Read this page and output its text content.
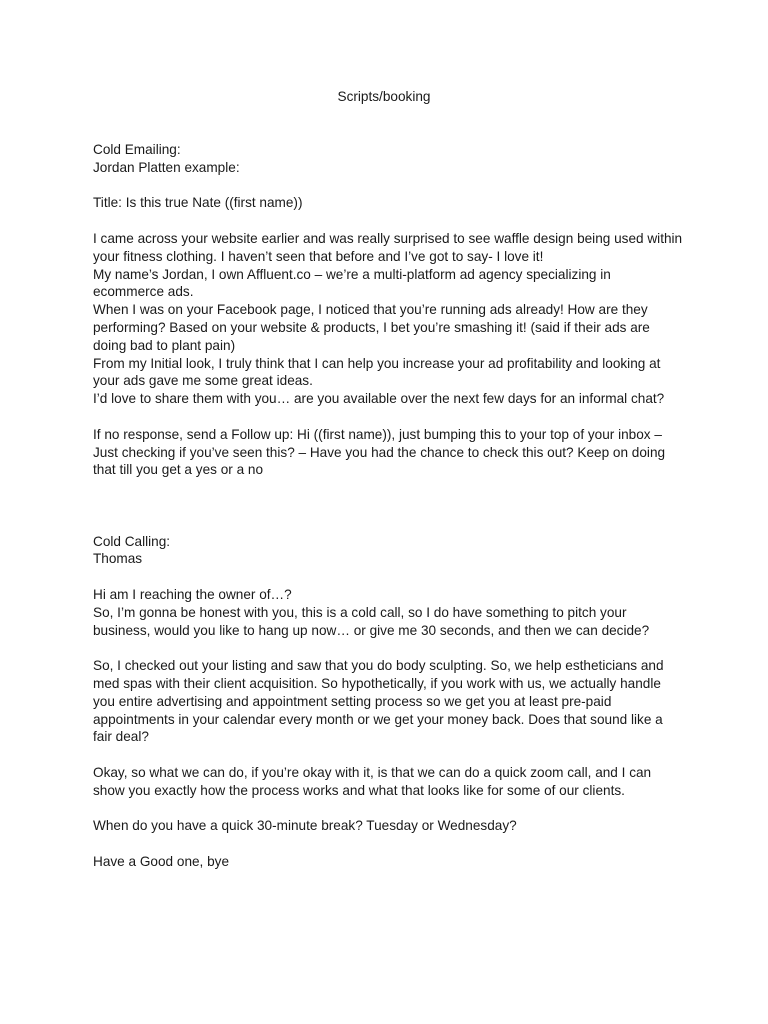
Scripts/booking

Cold Emailing:

Jordan Platten example:

Title: Is this true Nate ((first name))

I came across your website earlier and was really surprised to see waffle design being used within your fitness clothing. I haven’t seen that before and I’ve got to say- I love it!

My name’s Jordan, I own Affluent.co – we’re a multi-platform ad agency specializing in ecommerce ads.

When I was on your Facebook page, I noticed that you’re running ads already! How are they performing? Based on your website & products, I bet you’re smashing it! (said if their ads are doing bad to plant pain)

From my Initial look, I truly think that I can help you increase your ad profitability and looking at your ads gave me some great ideas.

I’d love to share them with you… are you available over the next few days for an informal chat?

If no response, send a Follow up: Hi ((first name)), just bumping this to your top of your inbox – Just checking if you’ve seen this? – Have you had the chance to check this out? Keep on doing that till you get a yes or a no

Cold Calling:

Thomas

Hi am I reaching the owner of…?

So, I’m gonna be honest with you, this is a cold call, so I do have something to pitch your business, would you like to hang up now… or give me 30 seconds, and then we can decide?

So, I checked out your listing and saw that you do body sculpting. So, we help estheticians and med spas with their client acquisition. So hypothetically, if you work with us, we actually handle you entire advertising and appointment setting process so we get you at least pre-paid appointments in your calendar every month or we get your money back. Does that sound like a fair deal?

Okay, so what we can do, if you’re okay with it, is that we can do a quick zoom call, and I can show you exactly how the process works and what that looks like for some of our clients.

When do you have a quick 30-minute break? Tuesday or Wednesday?

Have a Good one, bye
